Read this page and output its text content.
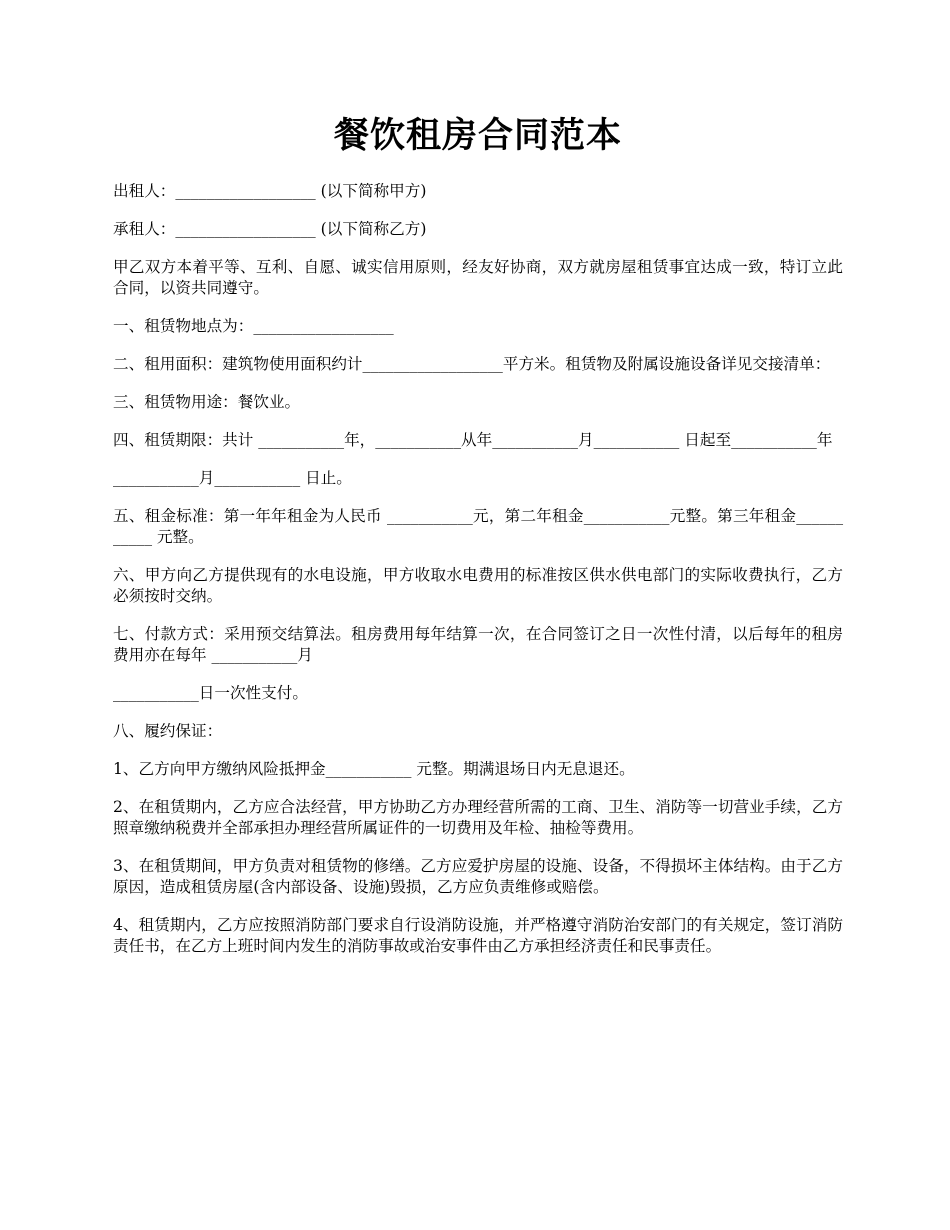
餐饮租房合同范本

出租人：__________________ (以下简称甲方)

承租人：__________________ (以下简称乙方)

甲乙双方本着平等、互利、自愿、诚实信用原则，经友好协商，双方就房屋租赁事宜达成一致，特订立此合同，以资共同遵守。

一、租赁物地点为：__________________

二、租用面积：建筑物使用面积约计__________________平方米。租赁物及附属设施设备详见交接清单：

三、租赁物用途：餐饮业。

四、租赁期限：共计 ___________年，___________从年___________月___________ 日起至___________年

___________月___________ 日止。

五、租金标准：第一年年租金为人民币 ___________元，第二年租金___________元整。第三年租金___________ 元整。

六、甲方向乙方提供现有的水电设施，甲方收取水电费用的标准按区供水供电部门的实际收费执行，乙方必须按时交纳。

七、付款方式：采用预交结算法。租房费用每年结算一次，在合同签订之日一次性付清，以后每年的租房费用亦在每年 ___________月

___________日一次性支付。

八、履约保证：

1、乙方向甲方缴纳风险抵押金___________ 元整。期满退场日内无息退还。

2、在租赁期内，乙方应合法经营，甲方协助乙方办理经营所需的工商、卫生、消防等一切营业手续，乙方照章缴纳税费并全部承担办理经营所属证件的一切费用及年检、抽检等费用。

3、在租赁期间，甲方负责对租赁物的修缮。乙方应爱护房屋的设施、设备，不得损坏主体结构。由于乙方原因，造成租赁房屋(含内部设备、设施)毁损，乙方应负责维修或赔偿。

4、租赁期内，乙方应按照消防部门要求自行设消防设施，并严格遵守消防治安部门的有关规定，签订消防责任书，在乙方上班时间内发生的消防事故或治安事件由乙方承担经济责任和民事责任。
